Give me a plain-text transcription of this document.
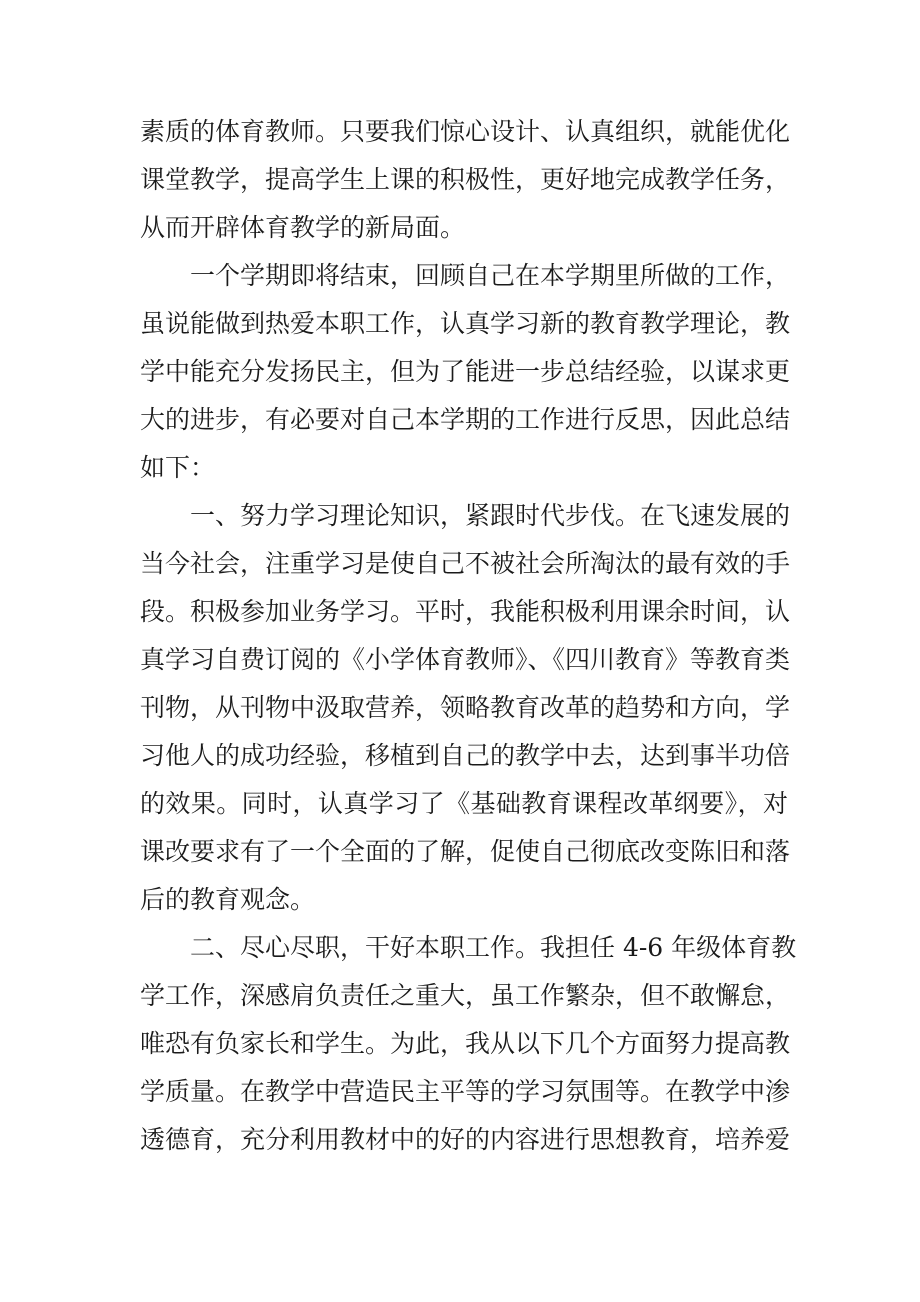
素质的体育教师。只要我们惊心设计、认真组织，就能优化
课堂教学，提高学生上课的积极性，更好地完成教学任务，
从而开辟体育教学的新局面。
一个学期即将结束，回顾自己在本学期里所做的工作，
虽说能做到热爱本职工作，认真学习新的教育教学理论，教
学中能充分发扬民主，但为了能进一步总结经验，以谋求更
大的进步，有必要对自己本学期的工作进行反思，因此总结
如下：
一、努力学习理论知识，紧跟时代步伐。在飞速发展的
当今社会，注重学习是使自己不被社会所淘汰的最有效的手
段。积极参加业务学习。平时，我能积极利用课余时间，认
真学习自费订阅的《小学体育教师》、《四川教育》等教育类
刊物，从刊物中汲取营养，领略教育改革的趋势和方向，学
习他人的成功经验，移植到自己的教学中去，达到事半功倍
的效果。同时，认真学习了《基础教育课程改革纲要》，对
课改要求有了一个全面的了解，促使自己彻底改变陈旧和落
后的教育观念。
二、尽心尽职，干好本职工作。我担任 4-6 年级体育教
学工作，深感肩负责任之重大，虽工作繁杂，但不敢懈怠，
唯恐有负家长和学生。为此，我从以下几个方面努力提高教
学质量。在教学中营造民主平等的学习氛围等。在教学中渗
透德育，充分利用教材中的好的内容进行思想教育，培养爱
